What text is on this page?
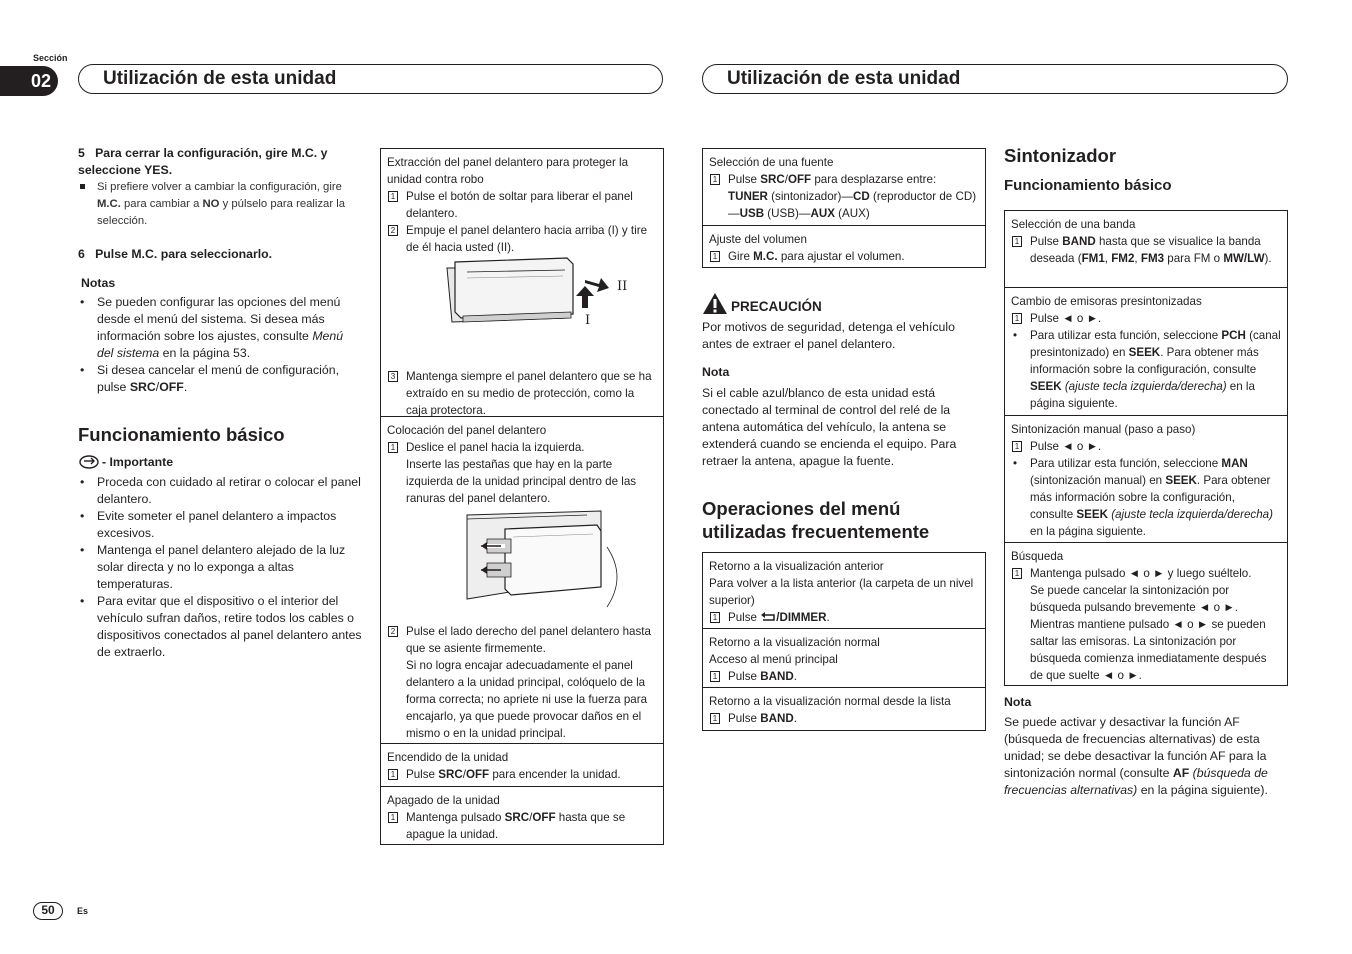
Sección
02	Utilización de esta unidad	Utilización de esta unidad

5 Para cerrar la configuración, gire M.C. y seleccione YES.

Si prefiere volver a cambiar la configuración, gire M.C. para cambiar a NO y púlselo para realizar la selección.

6 Pulse M.C. para seleccionarlo.

Notas

• Se pueden configurar las opciones del menú desde el menú del sistema. Si desea más información sobre los ajustes, consulte Menú del sistema en la página 53.
• Si desea cancelar el menú de configuración, pulse SRC/OFF.

Funcionamiento básico

- Importante

• Proceda con cuidado al retirar o colocar el panel delantero.
• Evite someter el panel delantero a impactos excesivos.
• Mantenga el panel delantero alejado de la luz solar directa y no lo exponga a altas temperaturas.
• Para evitar que el dispositivo o el interior del vehículo sufran daños, retire todos los cables o dispositivos conectados al panel delantero antes de extraerlo.

Extracción del panel delantero para proteger la unidad contra robo

1 Pulse el botón de soltar para liberar el panel delantero.

2 Empuje el panel delantero hacia arriba (I) y tire de él hacia usted (II).

II
I

3 Mantenga siempre el panel delantero que se ha extraído en su medio de protección, como la caja protectora.

Colocación del panel delantero

1 Deslice el panel hacia la izquierda.

Inserte las pestañas que hay en la parte izquierda de la unidad principal dentro de las ranuras del panel delantero.

2 Pulse el lado derecho del panel delantero hasta que se asiente firmemente.

Si no logra encajar adecuadamente el panel delantero a la unidad principal, colóquelo de la forma correcta; no apriete ni use la fuerza para encajarlo, ya que puede provocar daños en el mismo o en la unidad principal.

Encendido de la unidad

1 Pulse SRC/OFF para encender la unidad.

Apagado de la unidad

1 Mantenga pulsado SRC/OFF hasta que se apague la unidad.

Selección de una fuente

1 Pulse SRC/OFF para desplazarse entre:

TUNER (sintonizador)—CD (reproductor de CD)—USB (USB)—AUX (AUX)

Ajuste del volumen

1 Gire M.C. para ajustar el volumen.

PRECAUCIÓN

Por motivos de seguridad, detenga el vehículo antes de extraer el panel delantero.

Nota

Si el cable azul/blanco de esta unidad está conectado al terminal de control del relé de la antena automática del vehículo, la antena se extenderá cuando se encienda el equipo. Para retraer la antena, apague la fuente.

Operaciones del menú utilizadas frecuentemente

Retorno a la visualización anterior

Para volver a la lista anterior (la carpeta de un nivel superior)

1 Pulse /DIMMER.

Retorno a la visualización normal

Acceso al menú principal

1 Pulse BAND.

Retorno a la visualización normal desde la lista

1 Pulse BAND.

Sintonizador

Funcionamiento básico

Selección de una banda

1 Pulse BAND hasta que se visualice la banda deseada (FM1, FM2, FM3 para FM o MW/LW).

Cambio de emisoras presintonizadas

1 Pulse ◄ o ►.

• Para utilizar esta función, seleccione PCH (canal presintonizado) en SEEK. Para obtener más información sobre la configuración, consulte SEEK (ajuste tecla izquierda/derecha) en la página siguiente.

Sintonización manual (paso a paso)

1 Pulse ◄ o ►.

• Para utilizar esta función, seleccione MAN (sintonización manual) en SEEK. Para obtener más información sobre la configuración, consulte SEEK (ajuste tecla izquierda/derecha) en la página siguiente.

Búsqueda

1 Mantenga pulsado ◄ o ► y luego suéltelo.

Se puede cancelar la sintonización por búsqueda pulsando brevemente ◄ o ►.

Mientras mantiene pulsado ◄ o ► se pueden saltar las emisoras. La sintonización por búsqueda comienza inmediatamente después de que suelte ◄ o ►.

Nota

Se puede activar y desactivar la función AF (búsqueda de frecuencias alternativas) de esta unidad; se debe desactivar la función AF para la sintonización normal (consulte AF (búsqueda de frecuencias alternativas) en la página siguiente).

50	Es
